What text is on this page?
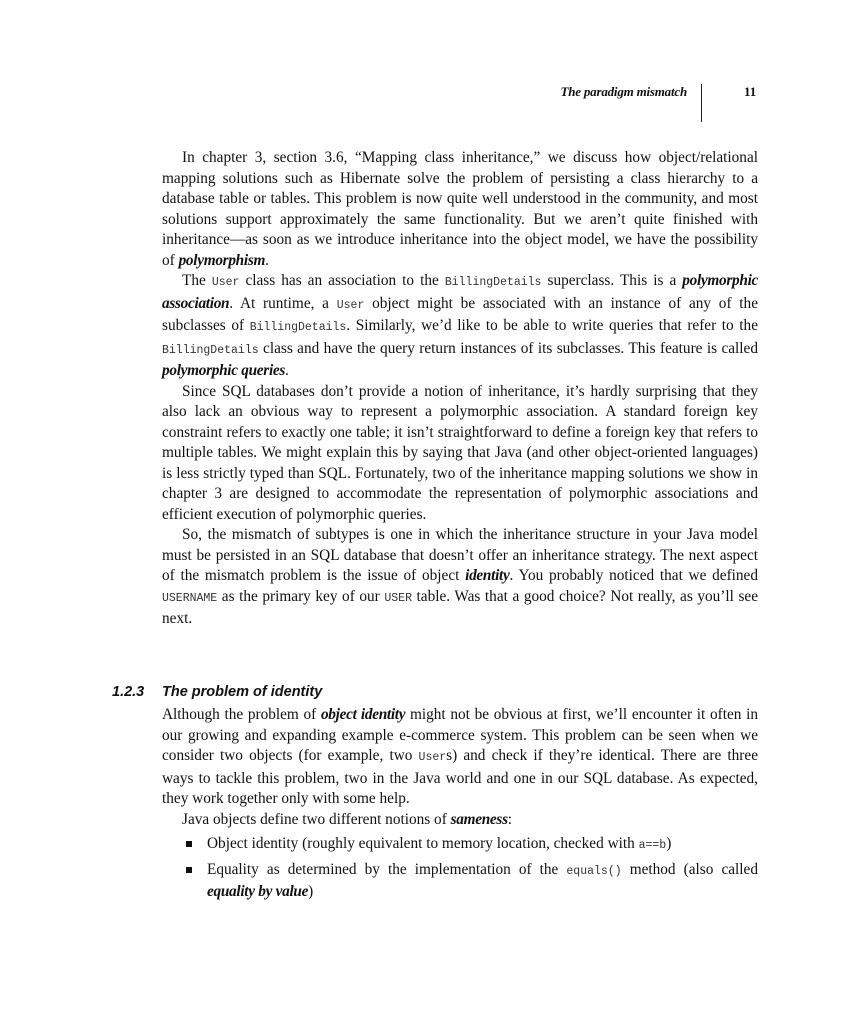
The paradigm mismatch	11

In chapter 3, section 3.6, “Mapping class inheritance,” we discuss how object/relational mapping solutions such as Hibernate solve the problem of persisting a class hierarchy to a database table or tables. This problem is now quite well understood in the community, and most solutions support approximately the same functionality. But we aren’t quite finished with inheritance—as soon as we introduce inheritance into the object model, we have the possibility of polymorphism.

The User class has an association to the BillingDetails superclass. This is a polymorphic association. At runtime, a User object might be associated with an instance of any of the subclasses of BillingDetails. Similarly, we’d like to be able to write queries that refer to the BillingDetails class and have the query return instances of its subclasses. This feature is called polymorphic queries.

Since SQL databases don’t provide a notion of inheritance, it’s hardly surprising that they also lack an obvious way to represent a polymorphic association. A standard foreign key constraint refers to exactly one table; it isn’t straightforward to define a foreign key that refers to multiple tables. We might explain this by saying that Java (and other object-oriented languages) is less strictly typed than SQL. Fortunately, two of the inheritance mapping solutions we show in chapter 3 are designed to accommodate the representation of polymorphic associations and efficient execution of polymorphic queries.

So, the mismatch of subtypes is one in which the inheritance structure in your Java model must be persisted in an SQL database that doesn’t offer an inheritance strategy. The next aspect of the mismatch problem is the issue of object identity. You probably noticed that we defined USERNAME as the primary key of our USER table. Was that a good choice? Not really, as you’ll see next.

1.2.3 The problem of identity

Although the problem of object identity might not be obvious at first, we’ll encounter it often in our growing and expanding example e-commerce system. This problem can be seen when we consider two objects (for example, two Users) and check if they’re identical. There are three ways to tackle this problem, two in the Java world and one in our SQL database. As expected, they work together only with some help.

Java objects define two different notions of sameness:

Object identity (roughly equivalent to memory location, checked with a==b)
Equality as determined by the implementation of the equals() method (also called equality by value)
